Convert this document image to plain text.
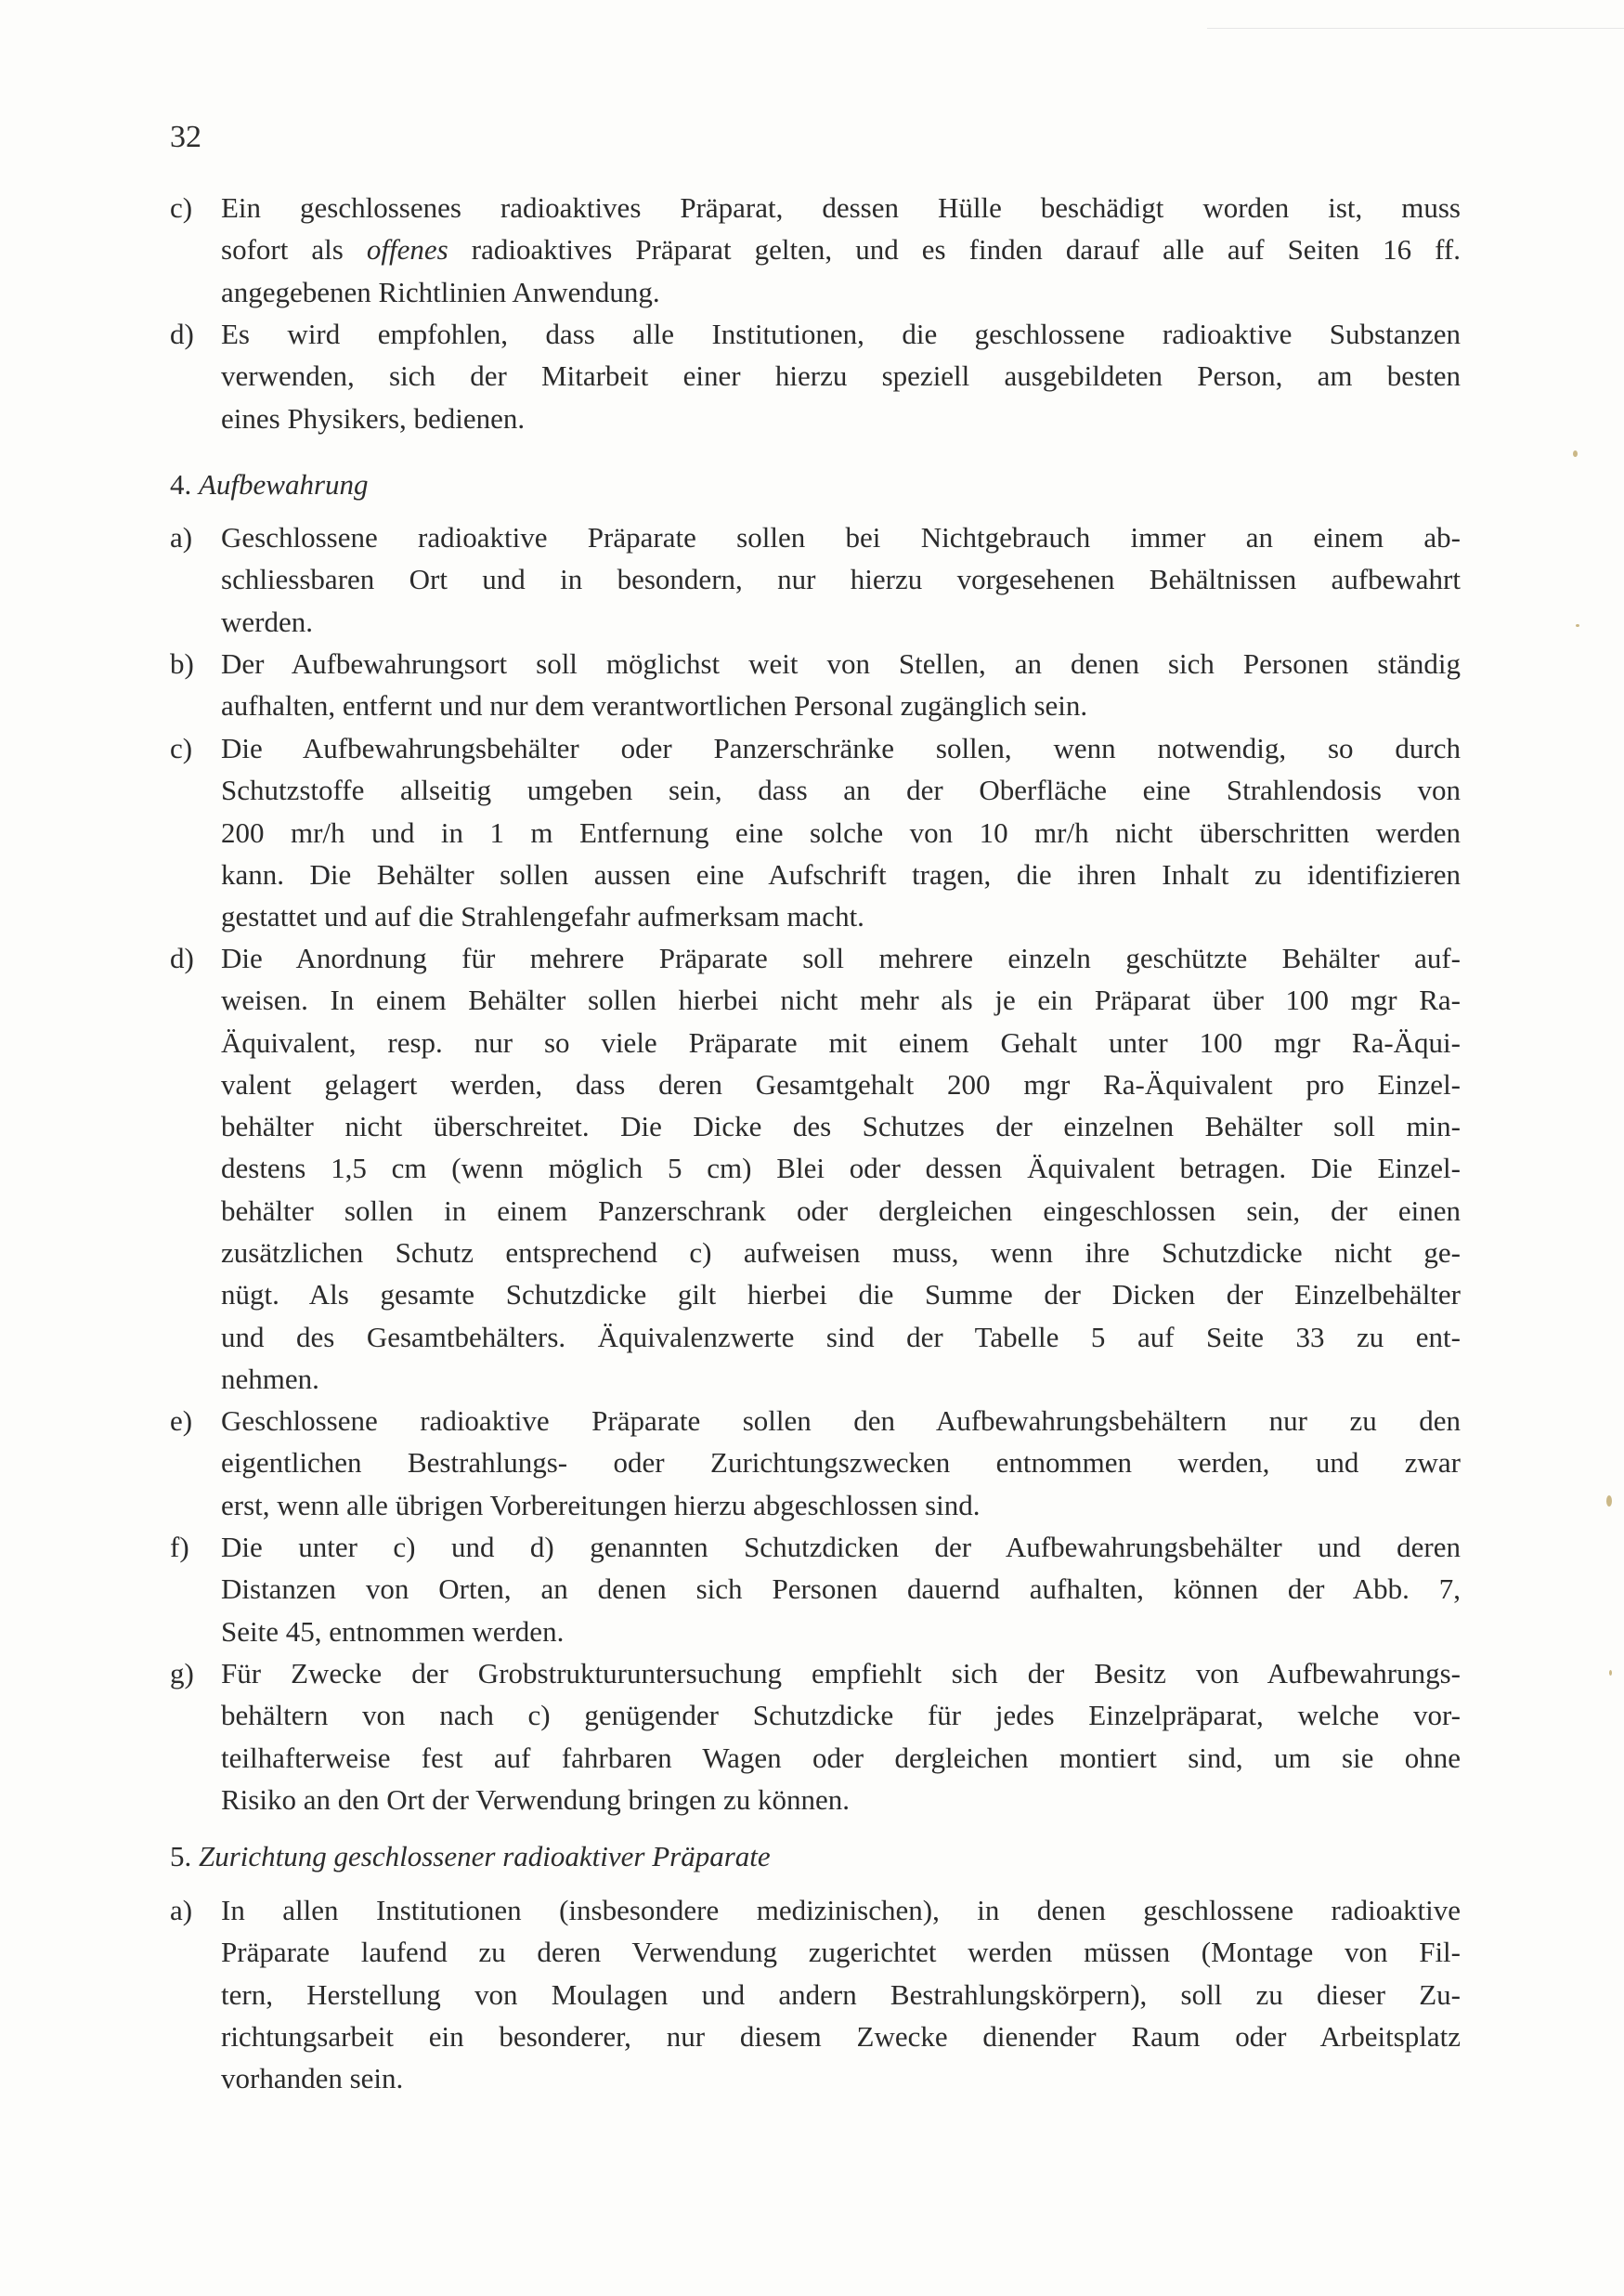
32
c) Ein geschlossenes radioaktives Präparat, dessen Hülle beschädigt worden ist, muss
sofort als offenes radioaktives Präparat gelten, und es finden darauf alle auf Seiten 16 ff.
angegebenen Richtlinien Anwendung.
d) Es wird empfohlen, dass alle Institutionen, die geschlossene radioaktive Substanzen
verwenden, sich der Mitarbeit einer hierzu speziell ausgebildeten Person, am besten
eines Physikers, bedienen.
4. Aufbewahrung
a) Geschlossene radioaktive Präparate sollen bei Nichtgebrauch immer an einem ab-
schliessbaren Ort und in besondern, nur hierzu vorgesehenen Behältnissen aufbewahrt
werden.
b) Der Aufbewahrungsort soll möglichst weit von Stellen, an denen sich Personen ständig
aufhalten, entfernt und nur dem verantwortlichen Personal zugänglich sein.
c) Die Aufbewahrungsbehälter oder Panzerschränke sollen, wenn notwendig, so durch
Schutzstoffe allseitig umgeben sein, dass an der Oberfläche eine Strahlendosis von
200 mr/h und in 1 m Entfernung eine solche von 10 mr/h nicht überschritten werden
kann. Die Behälter sollen aussen eine Aufschrift tragen, die ihren Inhalt zu identifizieren
gestattet und auf die Strahlengefahr aufmerksam macht.
d) Die Anordnung für mehrere Präparate soll mehrere einzeln geschützte Behälter auf-
weisen. In einem Behälter sollen hierbei nicht mehr als je ein Präparat über 100 mgr Ra-
Äquivalent, resp. nur so viele Präparate mit einem Gehalt unter 100 mgr Ra-Äqui-
valent gelagert werden, dass deren Gesamtgehalt 200 mgr Ra-Äquivalent pro Einzel-
behälter nicht überschreitet. Die Dicke des Schutzes der einzelnen Behälter soll min-
destens 1,5 cm (wenn möglich 5 cm) Blei oder dessen Äquivalent betragen. Die Einzel-
behälter sollen in einem Panzerschrank oder dergleichen eingeschlossen sein, der einen
zusätzlichen Schutz entsprechend c) aufweisen muss, wenn ihre Schutzdicke nicht ge-
nügt. Als gesamte Schutzdicke gilt hierbei die Summe der Dicken der Einzelbehälter
und des Gesamtbehälters. Äquivalenzwerte sind der Tabelle 5 auf Seite 33 zu ent-
nehmen.
e) Geschlossene radioaktive Präparate sollen den Aufbewahrungsbehältern nur zu den
eigentlichen Bestrahlungs- oder Zurichtungszwecken entnommen werden, und zwar
erst, wenn alle übrigen Vorbereitungen hierzu abgeschlossen sind.
f)	Die unter c) und d) genannten Schutzdicken der Aufbewahrungsbehälter und deren
Distanzen von Orten, an denen sich Personen dauernd aufhalten, können der Abb. 7,
Seite 45, entnommen werden.
g) Für Zwecke der Grobstrukturuntersuchung empfiehlt sich der Besitz von Aufbewahrungs-
behältern von nach c) genügender Schutzdicke für jedes Einzelpräparat, welche vor-
teilhafterweise fest auf fahrbaren Wagen oder dergleichen montiert sind, um sie ohne
Risiko an den Ort der Verwendung bringen zu können.
5. Zurichtung geschlossener radioaktiver Präparate
a) In allen Institutionen (insbesondere medizinischen), in denen geschlossene radioaktive
Präparate laufend zu deren Verwendung zugerichtet werden müssen (Montage von Fil-
tern, Herstellung von Moulagen und andern Bestrahlungskörpern), soll zu dieser Zu-
richtungsarbeit ein besonderer, nur diesem Zwecke dienender Raum oder Arbeitsplatz
vorhanden sein.
